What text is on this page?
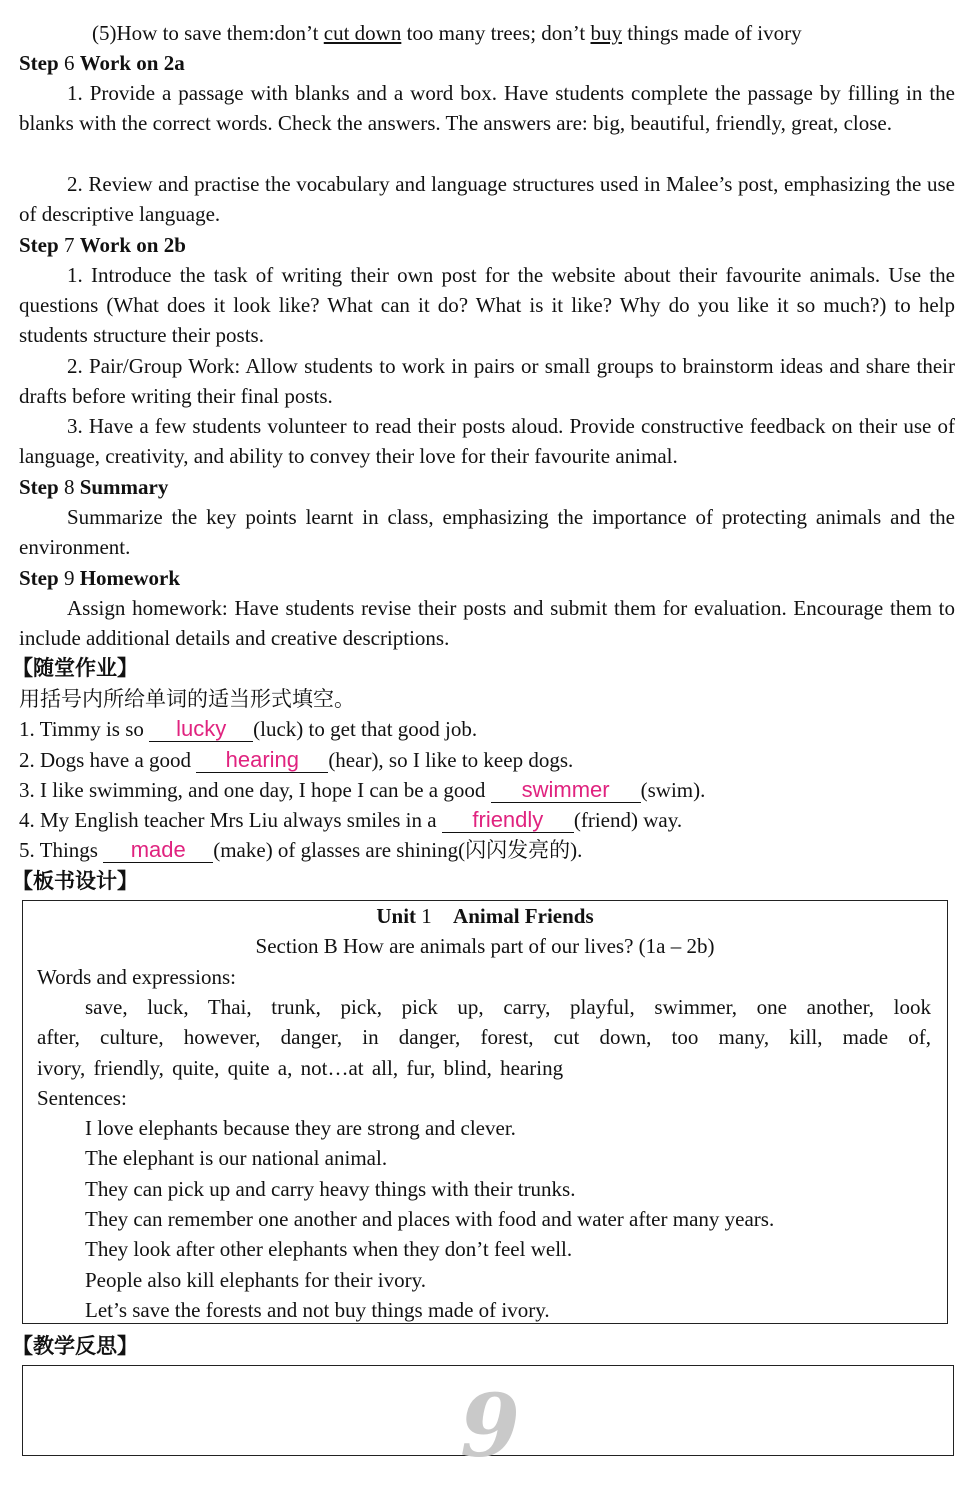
(5)How to save them:don’t cut down too many trees; don’t buy things made of ivory
Step 6 Work on 2a
1. Provide a passage with blanks and a word box. Have students complete the passage by filling in the blanks with the correct words. Check the answers. The answers are: big, beautiful, friendly, great, close.
2. Review and practise the vocabulary and language structures used in Malee’s post, emphasizing the use of descriptive language.
Step 7 Work on 2b
1. Introduce the task of writing their own post for the website about their favourite animals. Use the questions (What does it look like? What can it do? What is it like? Why do you like it so much?) to help students structure their posts.
2. Pair/Group Work: Allow students to work in pairs or small groups to brainstorm ideas and share their drafts before writing their final posts.
3. Have a few students volunteer to read their posts aloud. Provide constructive feedback on their use of language, creativity, and ability to convey their love for their favourite animal.
Step 8 Summary
Summarize the key points learnt in class, emphasizing the importance of protecting animals and the environment.
Step 9 Homework
Assign homework: Have students revise their posts and submit them for evaluation. Encourage them to include additional details and creative descriptions.
【随堂作业】
用括号内所给单词的适当形式填空。
1. Timmy is so lucky (luck) to get that good job.
2. Dogs have a good hearing (hear), so I like to keep dogs.
3. I like swimming, and one day, I hope I can be a good swimmer (swim).
4. My English teacher Mrs Liu always smiles in a friendly (friend) way.
5. Things made (make) of glasses are shining(闪闪发亮的).
【板书设计】
Unit 1 Animal Friends
Section B How are animals part of our lives? (1a – 2b)
Words and expressions:
save, luck, Thai, trunk, pick, pick up, carry, playful, swimmer, one another, look
after, culture, however, danger, in danger, forest, cut down, too many, kill, made of,
ivory, friendly, quite, quite a, not…at all, fur, blind, hearing
Sentences:
I love elephants because they are strong and clever.
The elephant is our national animal.
They can pick up and carry heavy things with their trunks.
They can remember one another and places with food and water after many years.
They look after other elephants when they don’t feel well.
People also kill elephants for their ivory.
Let’s save the forests and not buy things made of ivory.
【教学反思】
9
